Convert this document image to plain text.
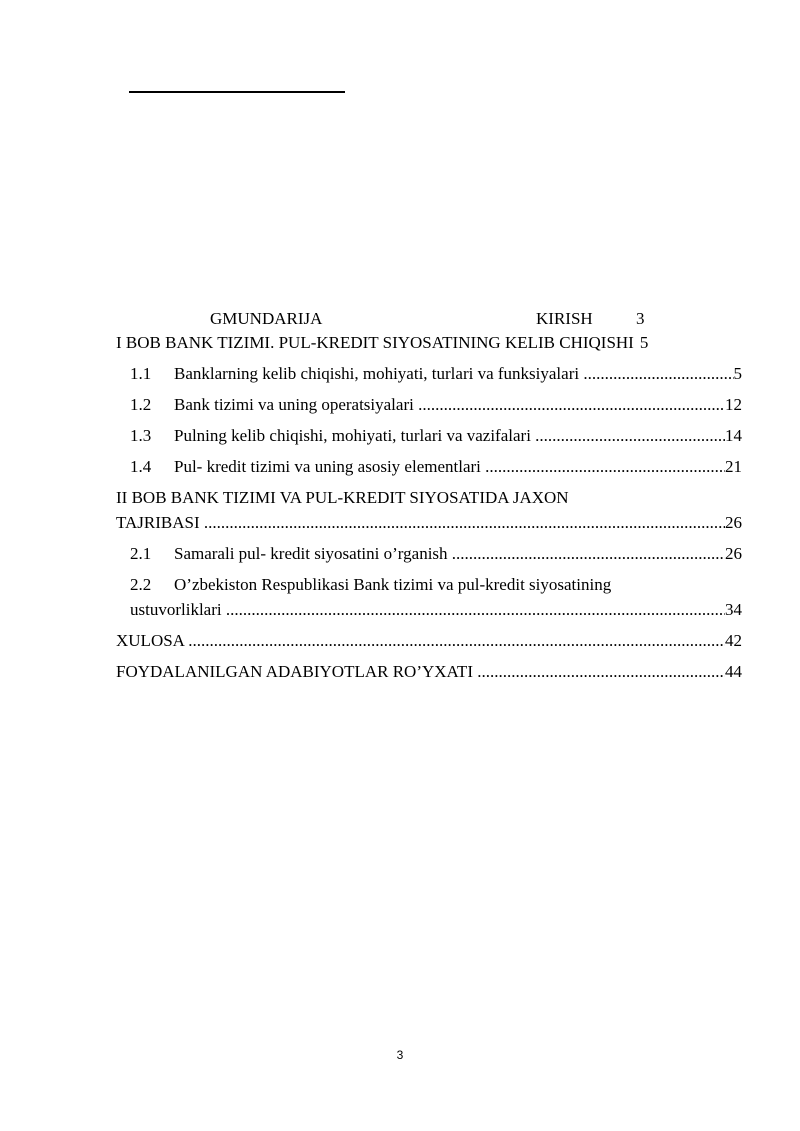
GMUNDARIJA	KIRISH	3
I BOB BANK TIZIMI. PUL-KREDIT SIYOSATINING KELIB CHIQISHI 5
1.1	Banklarning kelib chiqishi, mohiyati, turlari va funksiyalari .....	5
1.2	Bank tizimi va uning operatsiyalari .....	12
1.3	Pulning kelib chiqishi, mohiyati, turlari va vazifalari .....	14
1.4	Pul- kredit tizimi va uning asosiy elementlari .....	21
II BOB BANK TIZIMI VA PUL-KREDIT SIYOSATIDA JAXON
TAJRIBASI .....	26
2.1	Samarali pul- kredit siyosatini o’rganish .....	26
2.2	O’zbekiston Respublikasi Bank tizimi va pul-kredit siyosatining
ustuvorliklari .....	34
XULOSA .....	42
FOYDALANILGAN ADABIYOTLAR RO’YXATI .....	44
3
